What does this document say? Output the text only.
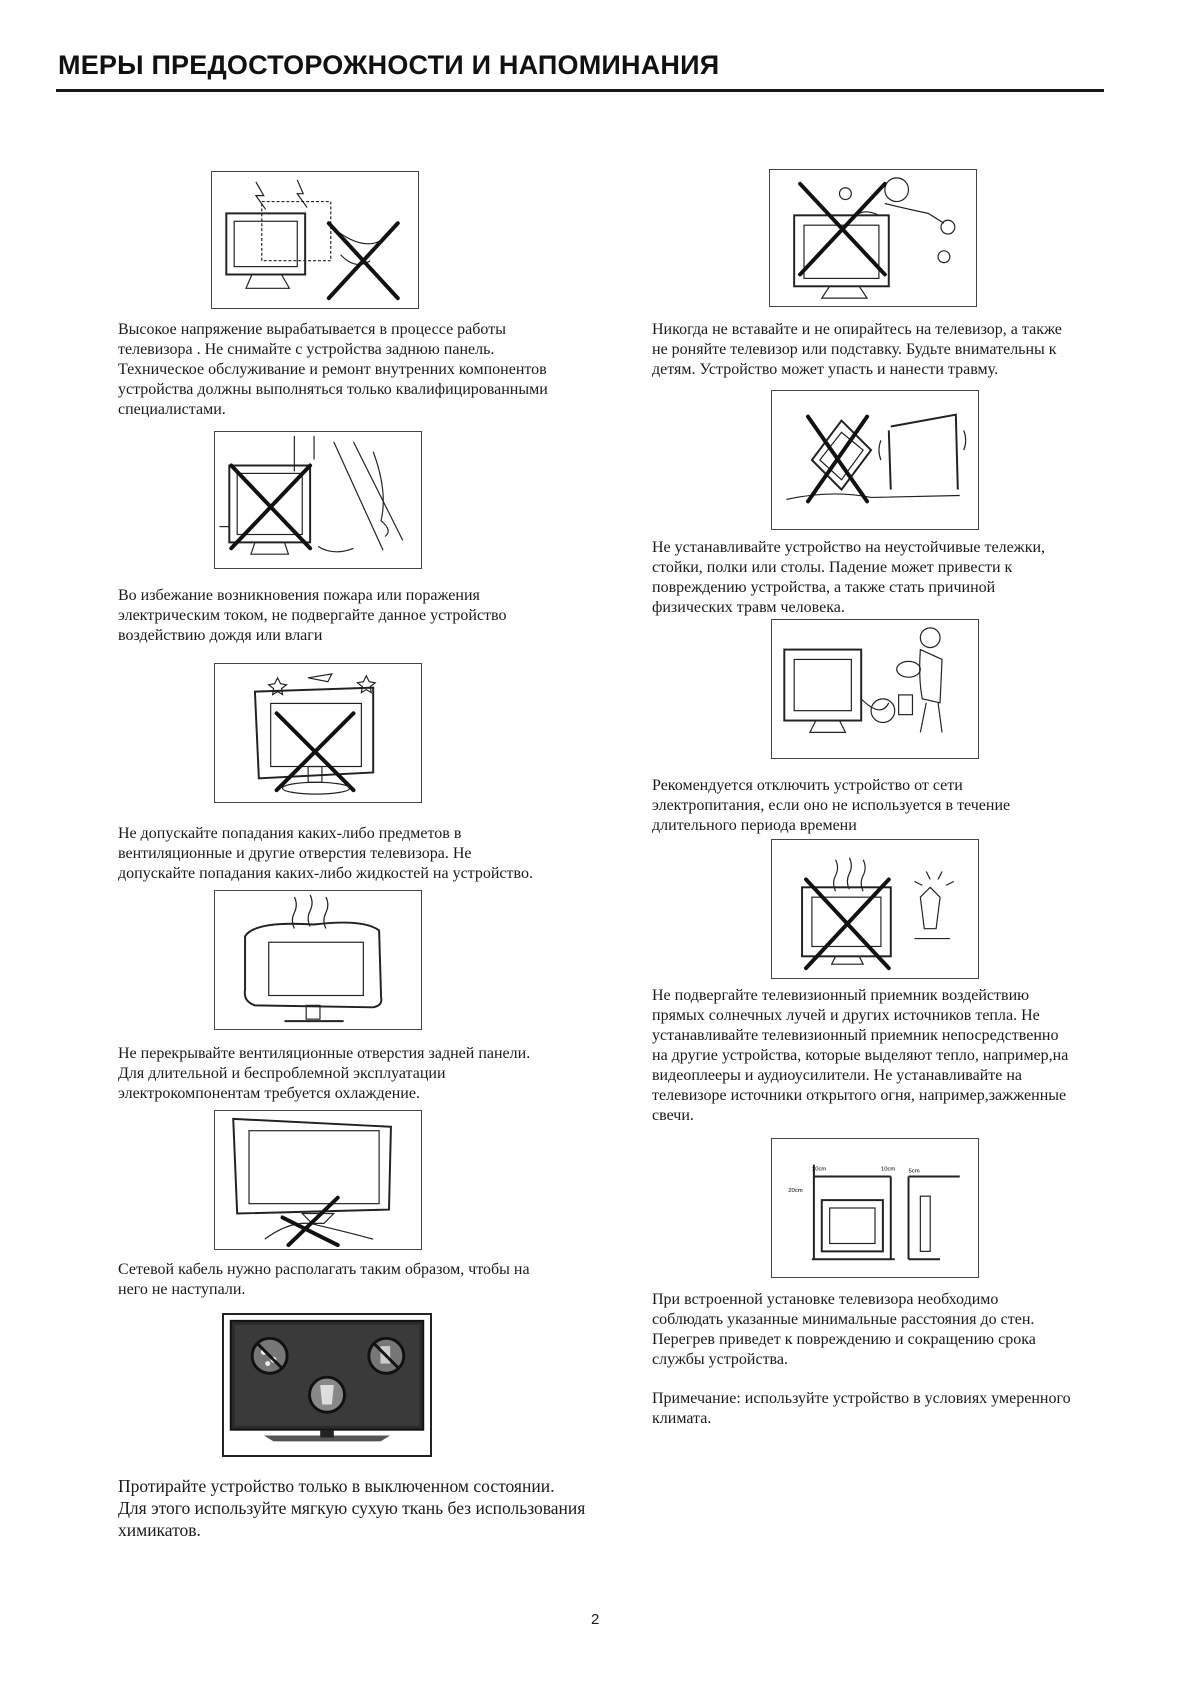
МЕРЫ ПРЕДОСТОРОЖНОСТИ И НАПОМИНАНИЯ

Высокое напряжение вырабатывается в процессе работы

телевизора . Не снимайте с устройства заднюю панель.

Техническое обслуживание и ремонт внутренних компонентов

устройства должны выполняться только квалифицированными

специалистами.

Во избежание возникновения пожара или поражения

электрическим током, не подвергайте данное устройство

воздействию дождя или влаги

Не допускайте попадания каких-либо предметов в

вентиляционные и другие отверстия телевизора. Не

допускайте попадания каких-либо жидкостей на устройство.

Не перекрывайте вентиляционные отверстия задней панели.

Для длительной и беспроблемной эксплуатации

электрокомпонентам требуется охлаждение.

Сетевой кабель нужно располагать таким образом, чтобы на

него не наступали.

Протирайте устройство только в выключенном состоянии.

Для этого используйте мягкую сухую ткань без использования

химикатов.

Никогда не вставайте и не опирайтесь на телевизор, а также

не роняйте телевизор или подставку. Будьте внимательны к

детям. Устройство может упасть и нанести травму.

Не устанавливайте устройство на неустойчивые тележки,

стойки, полки или столы. Падение может привести к

повреждению устройства, а также стать причиной

физических травм человека.

Рекомендуется отключить устройство от сети

электропитания, если оно не используется в течение

длительного периода времени

Не подвергайте телевизионный приемник воздействию

прямых солнечных лучей и других источников тепла. Не

устанавливайте телевизионный приемник непосредственно

на другие устройства, которые выделяют тепло, например,на

видеоплееры и аудиоусилители. Не устанавливайте на

телевизоре источники открытого огня, например,зажженные

свечи.

10cm	10cm 5cm
20cm

При встроенной установке телевизора необходимо

соблюдать указанные минимальные расстояния до стен.

Перегрев приведет к повреждению и сокращению срока

службы устройства.

Примечание: используйте устройство в условиях умеренного

климата.

2
